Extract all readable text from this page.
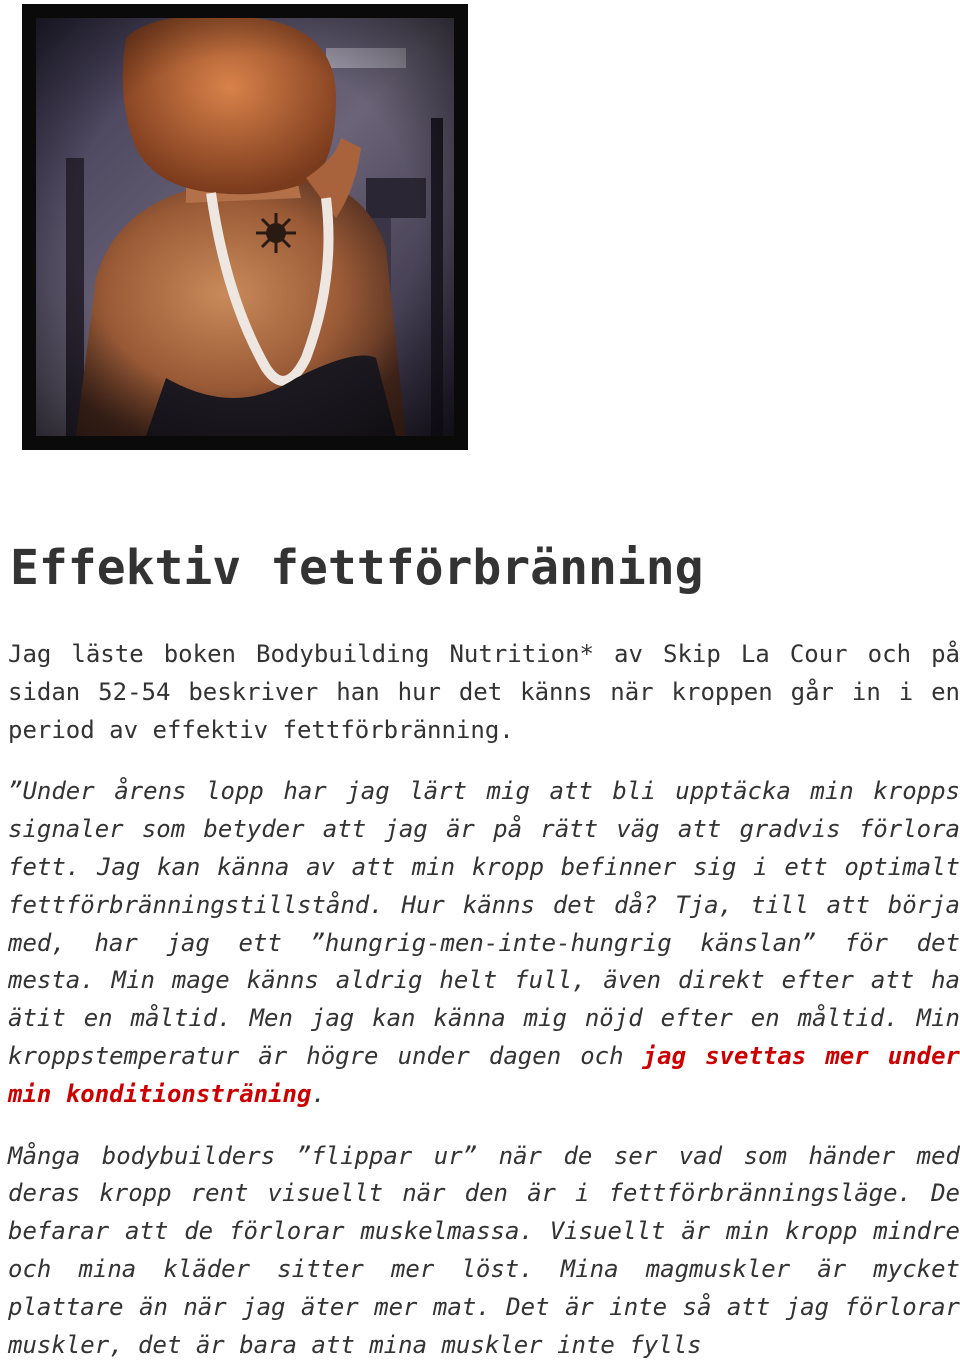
Effektiv fettförbränning

Jag läste boken Bodybuilding Nutrition* av Skip La Cour och på sidan 52-54 beskriver han hur det känns när kroppen går in i en period av effektiv fettförbränning.

”Under årens lopp har jag lärt mig att bli upptäcka min kropps signaler som betyder att jag är på rätt väg att gradvis förlora fett. Jag kan känna av att min kropp befinner sig i ett optimalt fettförbränningstillstånd. Hur känns det då? Tja, till att börja med, har jag ett ”hungrig-men-inte-hungrig känslan” för det mesta. Min mage känns aldrig helt full, även direkt efter att ha ätit en måltid. Men jag kan känna mig nöjd efter en måltid. Min kroppstemperatur är högre under dagen och jag svettas mer under min konditionsträning.

Många bodybuilders ”flippar ur” när de ser vad som händer med deras kropp rent visuellt när den är i fettförbränningsläge. De befarar att de förlorar muskelmassa. Visuellt är min kropp mindre och mina kläder sitter mer löst. Mina magmuskler är mycket plattare än när jag äter mer mat. Det är inte så att jag förlorar muskler, det är bara att mina muskler inte fylls
